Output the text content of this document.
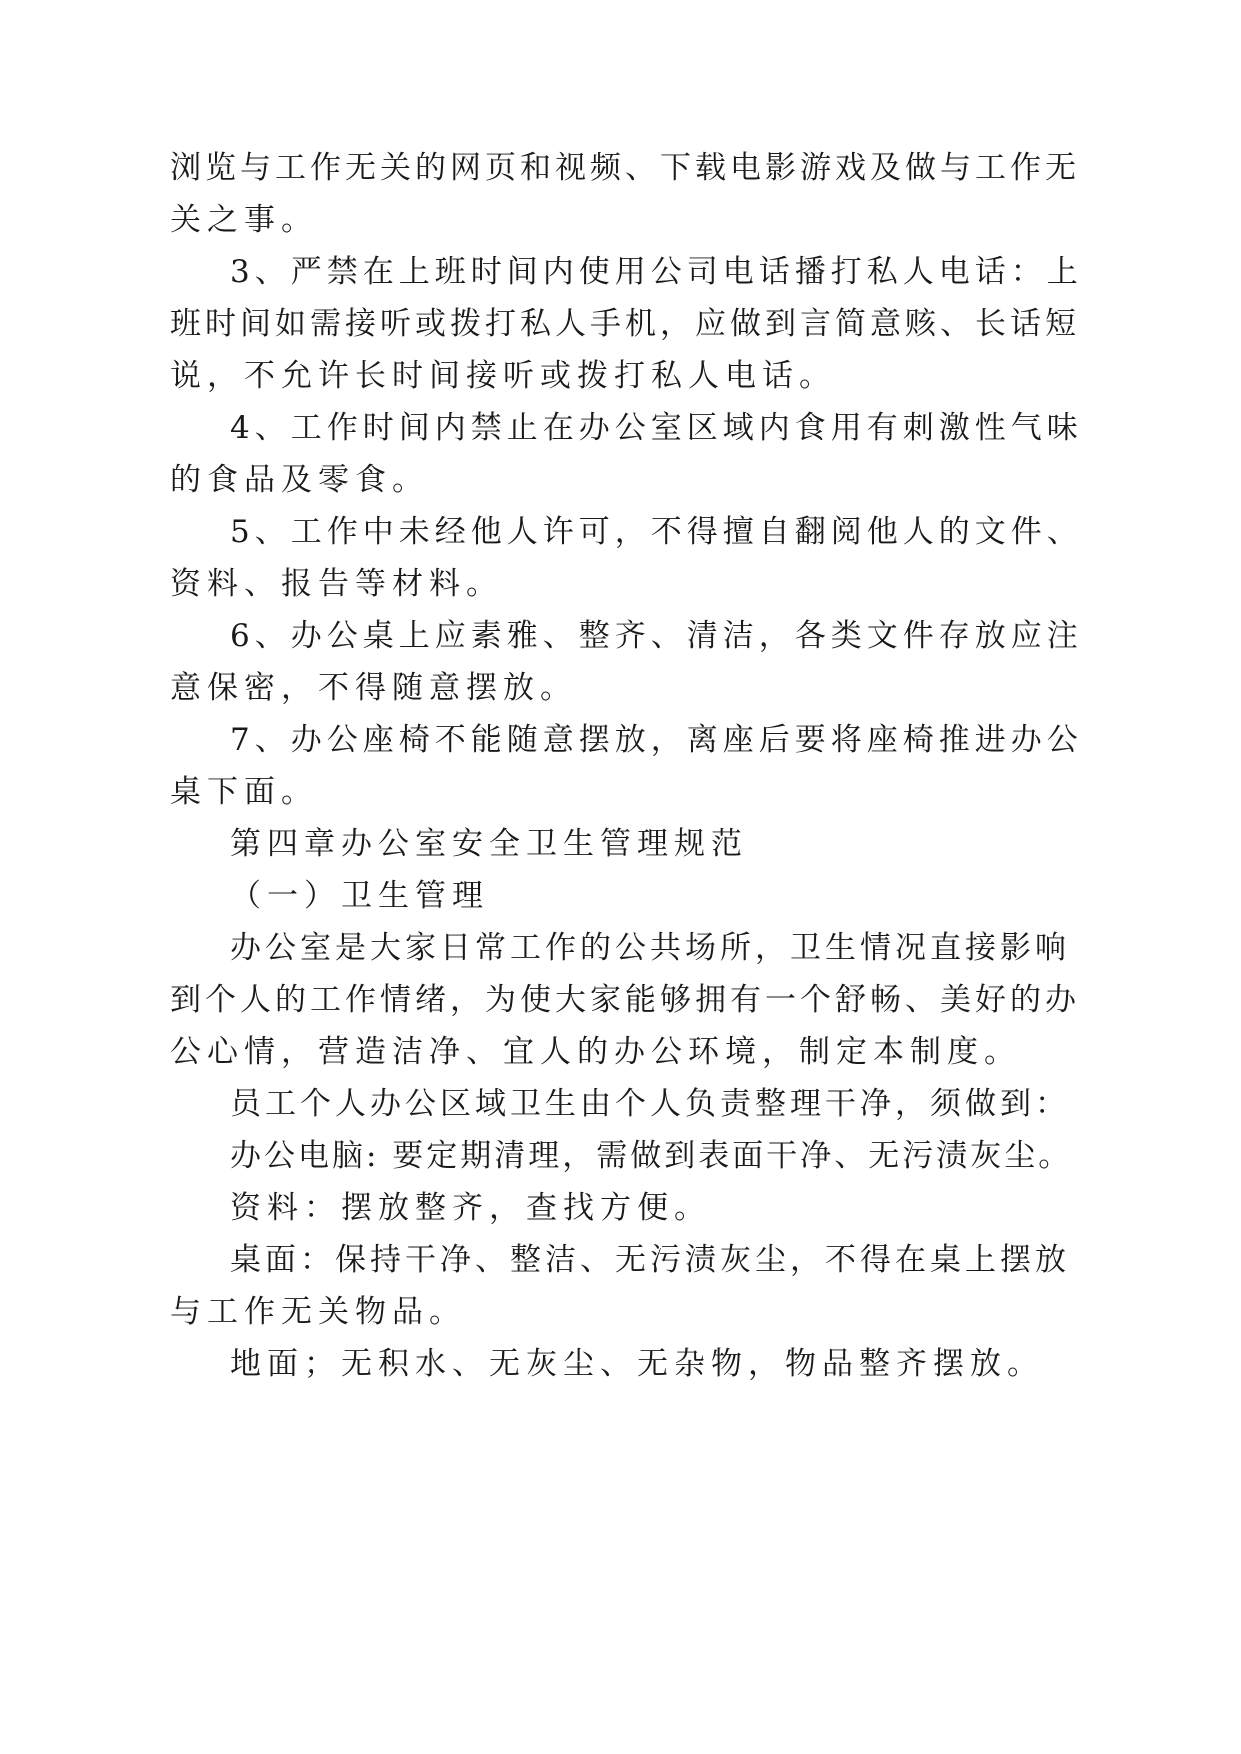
浏览与工作无关的网页和视频、下载电影游戏及做与工作无
关之事。
3、严禁在上班时间内使用公司电话播打私人电话：上
班时间如需接听或拨打私人手机，应做到言简意赅、长话短
说，不允许长时间接听或拨打私人电话。
4、工作时间内禁止在办公室区域内食用有刺激性气味
的食品及零食。
5、工作中未经他人许可，不得擅自翻阅他人的文件、
资料、报告等材料。
6、办公桌上应素雅、整齐、清洁，各类文件存放应注
意保密，不得随意摆放。
7、办公座椅不能随意摆放，离座后要将座椅推进办公
桌下面。
第四章办公室安全卫生管理规范
（一）卫生管理
办公室是大家日常工作的公共场所，卫生情况直接影响
到个人的工作情绪，为使大家能够拥有一个舒畅、美好的办
公心情，营造洁净、宜人的办公环境，制定本制度。
员工个人办公区域卫生由个人负责整理干净，须做到：
办公电脑: 要定期清理，需做到表面干净、无污渍灰尘。
资料：摆放整齐，查找方便。
桌面：保持干净、整洁、无污渍灰尘，不得在桌上摆放
与工作无关物品。
地面；无积水、无灰尘、无杂物，物品整齐摆放。
